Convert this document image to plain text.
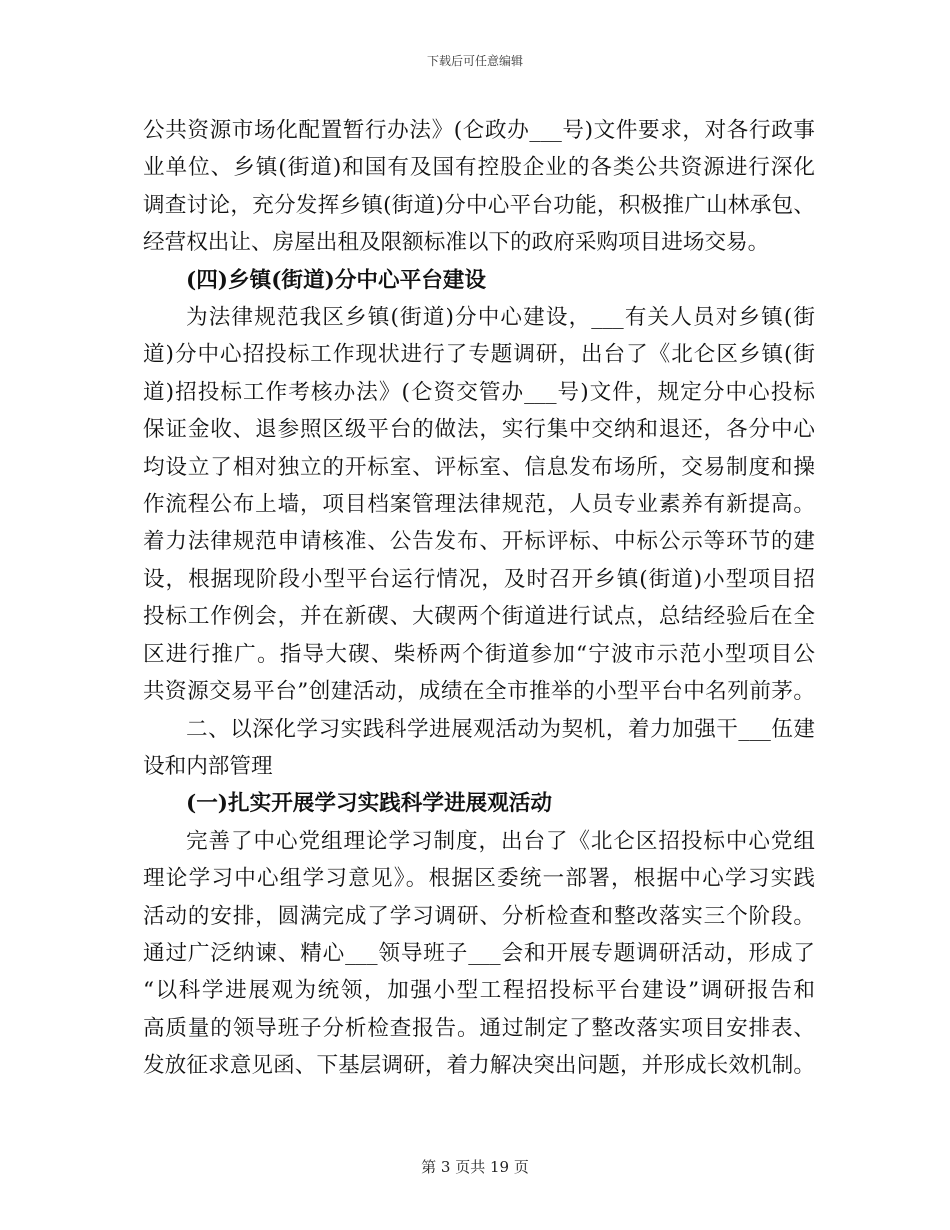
下载后可任意编辑
公共资源市场化配置暂行办法》(仑政办___号)文件要求，对各行政事
业单位、乡镇(街道)和国有及国有控股企业的各类公共资源进行深化
调查讨论，充分发挥乡镇(街道)分中心平台功能，积极推广山林承包、
经营权出让、房屋出租及限额标准以下的政府采购项目进场交易。
(四)乡镇(街道)分中心平台建设
为法律规范我区乡镇(街道)分中心建设，___有关人员对乡镇(街
道)分中心招投标工作现状进行了专题调研，出台了《北仑区乡镇(街
道)招投标工作考核办法》(仑资交管办___号)文件，规定分中心投标
保证金收、退参照区级平台的做法，实行集中交纳和退还，各分中心
均设立了相对独立的开标室、评标室、信息发布场所，交易制度和操
作流程公布上墙，项目档案管理法律规范，人员专业素养有新提高。
着力法律规范申请核准、公告发布、开标评标、中标公示等环节的建
设，根据现阶段小型平台运行情况，及时召开乡镇(街道)小型项目招
投标工作例会，并在新碶、大碶两个街道进行试点，总结经验后在全
区进行推广。指导大碶、柴桥两个街道参加“宁波市示范小型项目公
共资源交易平台”创建活动，成绩在全市推举的小型平台中名列前茅。
二、以深化学习实践科学进展观活动为契机，着力加强干___伍建
设和内部管理
(一)扎实开展学习实践科学进展观活动
完善了中心党组理论学习制度，出台了《北仑区招投标中心党组
理论学习中心组学习意见》。根据区委统一部署，根据中心学习实践
活动的安排，圆满完成了学习调研、分析检查和整改落实三个阶段。
通过广泛纳谏、精心___领导班子___会和开展专题调研活动，形成了
“以科学进展观为统领，加强小型工程招投标平台建设”调研报告和
高质量的领导班子分析检查报告。通过制定了整改落实项目安排表、
发放征求意见函、下基层调研，着力解决突出问题，并形成长效机制。
第 3 页共 19 页
